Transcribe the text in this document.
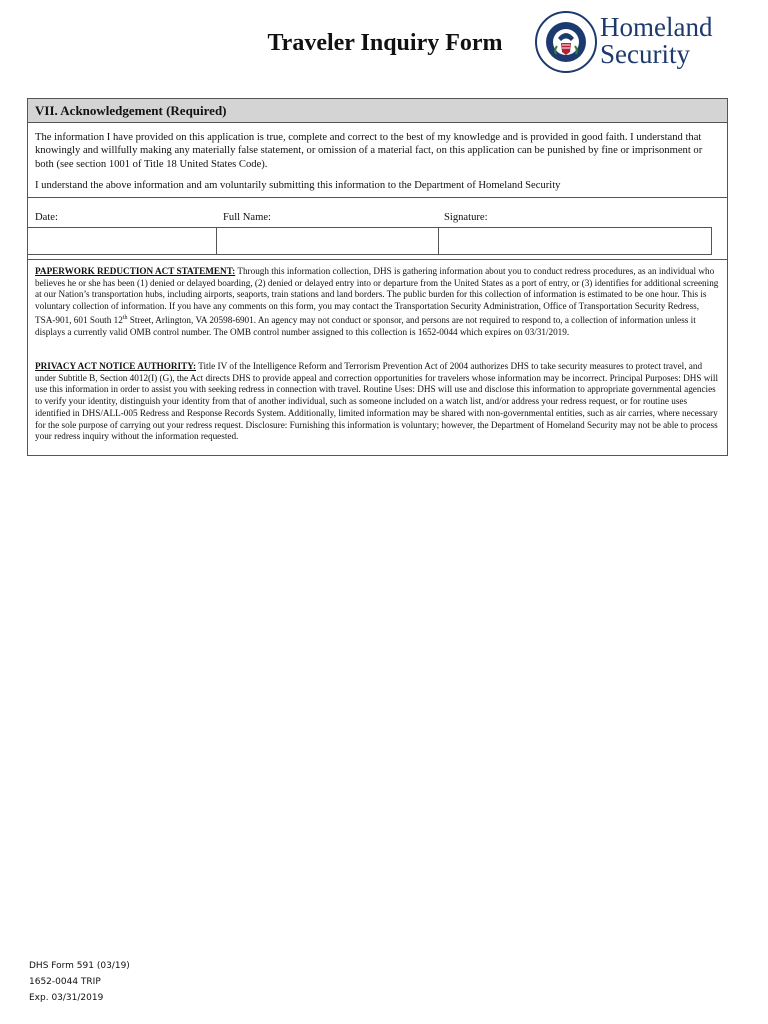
Traveler Inquiry Form
Homeland
Security
VII. Acknowledgement (Required)

The information I have provided on this application is true, complete and correct to the best of my knowledge and is provided in good faith. I understand that knowingly and willfully making any materially false statement, or omission of a material fact, on this application can be punished by fine or imprisonment or both (see section 1001 of Title 18 United States Code).

I understand the above information and am voluntarily submitting this information to the Department of Homeland Security

Date:	Full Name:	Signature:

PAPERWORK REDUCTION ACT STATEMENT: Through this information collection, DHS is gathering information about you to conduct redress procedures, as an individual who believes he or she has been (1) denied or delayed boarding, (2) denied or delayed entry into or departure from the United States as a port of entry, or (3) identifies for additional screening at our Nation’s transportation hubs, including airports, seaports, train stations and land borders. The public burden for this collection of information is estimated to be one hour. This is voluntary collection of information. If you have any comments on this form, you may contact the Transportation Security Administration, Office of Transportation Security Redress, TSA-901, 601 South 12th Street, Arlington, VA 20598-6901. An agency may not conduct or sponsor, and persons are not required to respond to, a collection of information unless it displays a currently valid OMB control number. The OMB control number assigned to this collection is 1652-0044 which expires on 03/31/2019.

PRIVACY ACT NOTICE AUTHORITY: Title IV of the Intelligence Reform and Terrorism Prevention Act of 2004 authorizes DHS to take security measures to protect travel, and under Subtitle B, Section 4012(I) (G), the Act directs DHS to provide appeal and correction opportunities for travelers whose information may be incorrect. Principal Purposes: DHS will use this information in order to assist you with seeking redress in connection with travel. Routine Uses: DHS will use and disclose this information to appropriate governmental agencies to verify your identity, distinguish your identity from that of another individual, such as someone included on a watch list, and/or address your redress request, or for routine uses identified in DHS/ALL-005 Redress and Response Records System. Additionally, limited information may be shared with non-governmental entities, such as air carries, where necessary for the sole purpose of carrying out your redress request. Disclosure: Furnishing this information is voluntary; however, the Department of Homeland Security may not be able to process your redress inquiry without the information requested.

DHS Form 591 (03/19)
1652-0044 TRIP
Exp. 03/31/2019
